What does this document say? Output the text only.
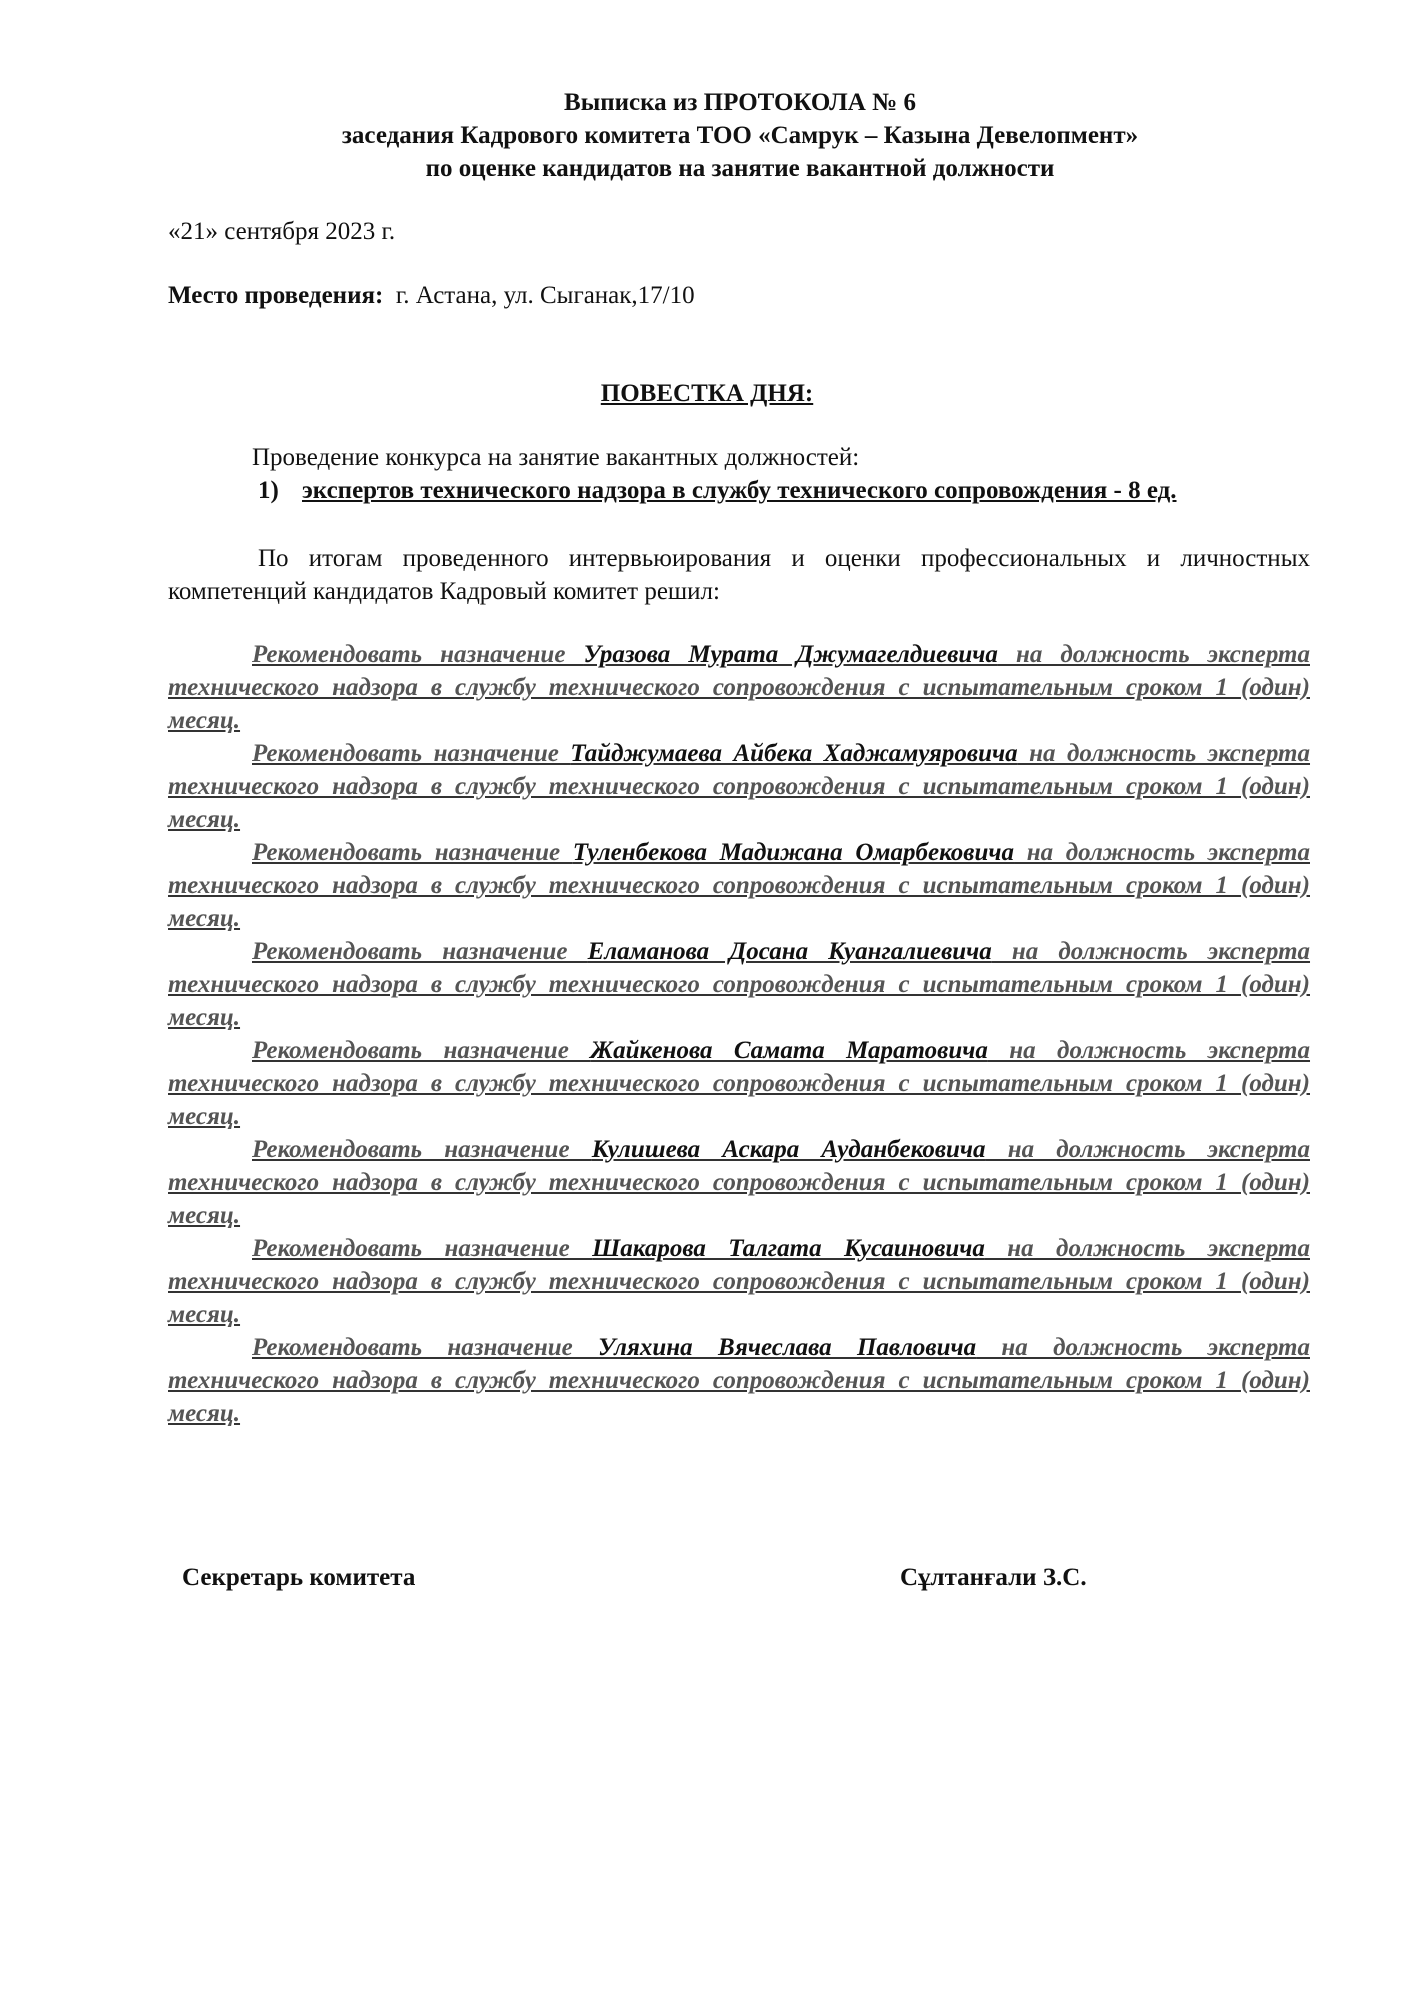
Выписка из ПРОТОКОЛА № 6
заседания Кадрового комитета ТОО «Самрук – Казына Девелопмент»
по оценке кандидатов на занятие вакантной должности
«21» сентября 2023 г.
Место проведения: г. Астана, ул. Сыганак,17/10
ПОВЕСТКА ДНЯ:
Проведение конкурса на занятие вакантных должностей:
1) экспертов технического надзора в службу технического сопровождения - 8 ед.
По итогам проведенного интервьюирования и оценки профессиональных и личностных компетенций кандидатов Кадровый комитет решил:
Рекомендовать назначение Уразова Мурата Джумагелдиевича на должность эксперта технического надзора в службу технического сопровождения с испытательным сроком 1 (один) месяц.
Рекомендовать назначение Тайджумаева Айбека Хаджамуяровича на должность эксперта технического надзора в службу технического сопровождения с испытательным сроком 1 (один) месяц.
Рекомендовать назначение Туленбекова Мадижана Омарбековича на должность эксперта технического надзора в службу технического сопровождения с испытательным сроком 1 (один) месяц.
Рекомендовать назначение Еламанова Досана Куангалиевича на должность эксперта технического надзора в службу технического сопровождения с испытательным сроком 1 (один) месяц.
Рекомендовать назначение Жайкенова Самата Маратовича на должность эксперта технического надзора в службу технического сопровождения с испытательным сроком 1 (один) месяц.
Рекомендовать назначение Кулишева Аскара Ауданбековича на должность эксперта технического надзора в службу технического сопровождения с испытательным сроком 1 (один) месяц.
Рекомендовать назначение Шакарова Талгата Кусаиновича на должность эксперта технического надзора в службу технического сопровождения с испытательным сроком 1 (один) месяц.
Рекомендовать назначение Уляхина Вячеслава Павловича на должность эксперта технического надзора в службу технического сопровождения с испытательным сроком 1 (один) месяц.
Секретарь комитета	Сұлтанғали З.С.
